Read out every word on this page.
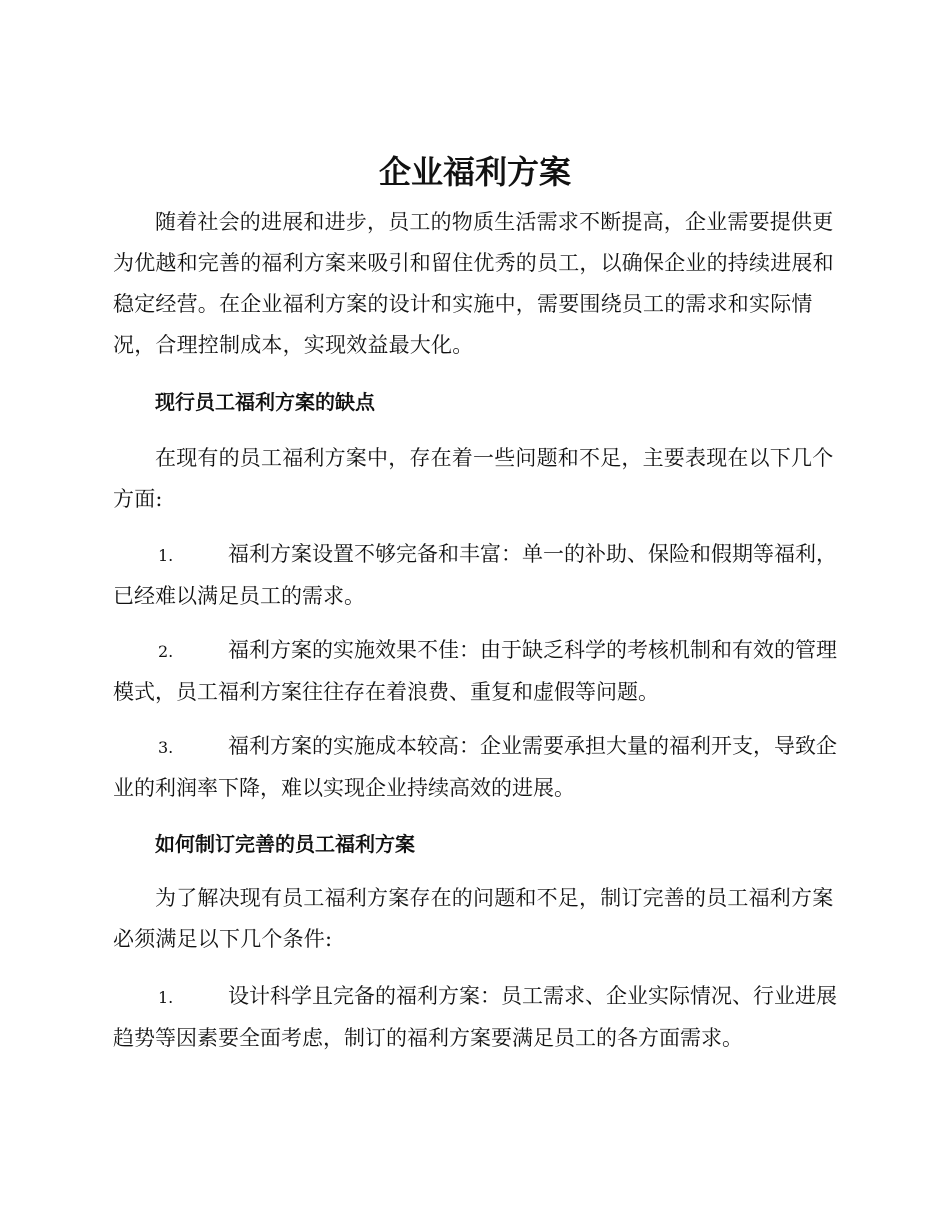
企业福利方案

随着社会的进展和进步，员工的物质生活需求不断提高，企业需要提供更为优越和完善的福利方案来吸引和留住优秀的员工，以确保企业的持续进展和稳定经营。在企业福利方案的设计和实施中，需要围绕员工的需求和实际情况，合理控制成本，实现效益最大化。

现行员工福利方案的缺点

在现有的员工福利方案中，存在着一些问题和不足，主要表现在以下几个方面:

1.	福利方案设置不够完备和丰富：单一的补助、保险和假期等福利，已经难以满足员工的需求。

2.	福利方案的实施效果不佳：由于缺乏科学的考核机制和有效的管理模式，员工福利方案往往存在着浪费、重复和虚假等问题。

3.	福利方案的实施成本较高：企业需要承担大量的福利开支，导致企业的利润率下降，难以实现企业持续高效的进展。

如何制订完善的员工福利方案

为了解决现有员工福利方案存在的问题和不足，制订完善的员工福利方案必须满足以下几个条件:

1.	设计科学且完备的福利方案：员工需求、企业实际情况、行业进展趋势等因素要全面考虑，制订的福利方案要满足员工的各方面需求。
